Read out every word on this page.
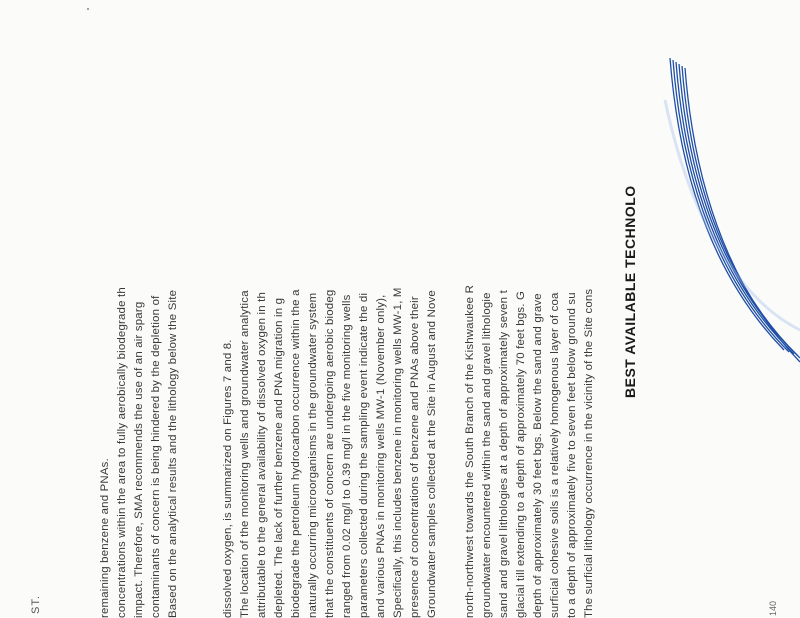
ST.
BEST AVAILABLE TECHNOLO
The surficial lithology occurrence in the vicinity of the Site cons
to a depth of approximately five to seven feet below ground su
surficial cohesive soils is a relatively homogenous layer of coa
depth of approximately 30 feet bgs. Below the sand and grave
glacial till extending to a depth of approximately 70 feet bgs. G
sand and gravel lithologies at a depth of approximately seven t
groundwater encountered within the sand and gravel lithologie
north-northwest towards the South Branch of the Kishwaukee R
Groundwater samples collected at the Site in August and Nove
presence of concentrations of benzene and PNAs above their
Specifically, this includes benzene in monitoring wells MW-1, M
and various PNAs in monitoring wells MW-1 (November only),
parameters collected during the sampling event indicate the di
ranged from 0.02 mg/l to 0.39 mg/l in the five monitoring wells
that the constituents of concern are undergoing aerobic biodeg
naturally occurring microorganisms in the groundwater system
biodegrade the petroleum hydrocarbon occurrence within the a
depleted. The lack of further benzene and PNA migration in g
attributable to the general availability of dissolved oxygen in th
The location of the monitoring wells and groundwater analytica
dissolved oxygen, is summarized on Figures 7 and 8.
Based on the analytical results and the lithology below the Site
contaminants of concern is being hindered by the depletion of
impact. Therefore, SMA recommends the use of an air sparg
concentrations within the area to fully aerobically biodegrade th
remaining benzene and PNAs.	140
